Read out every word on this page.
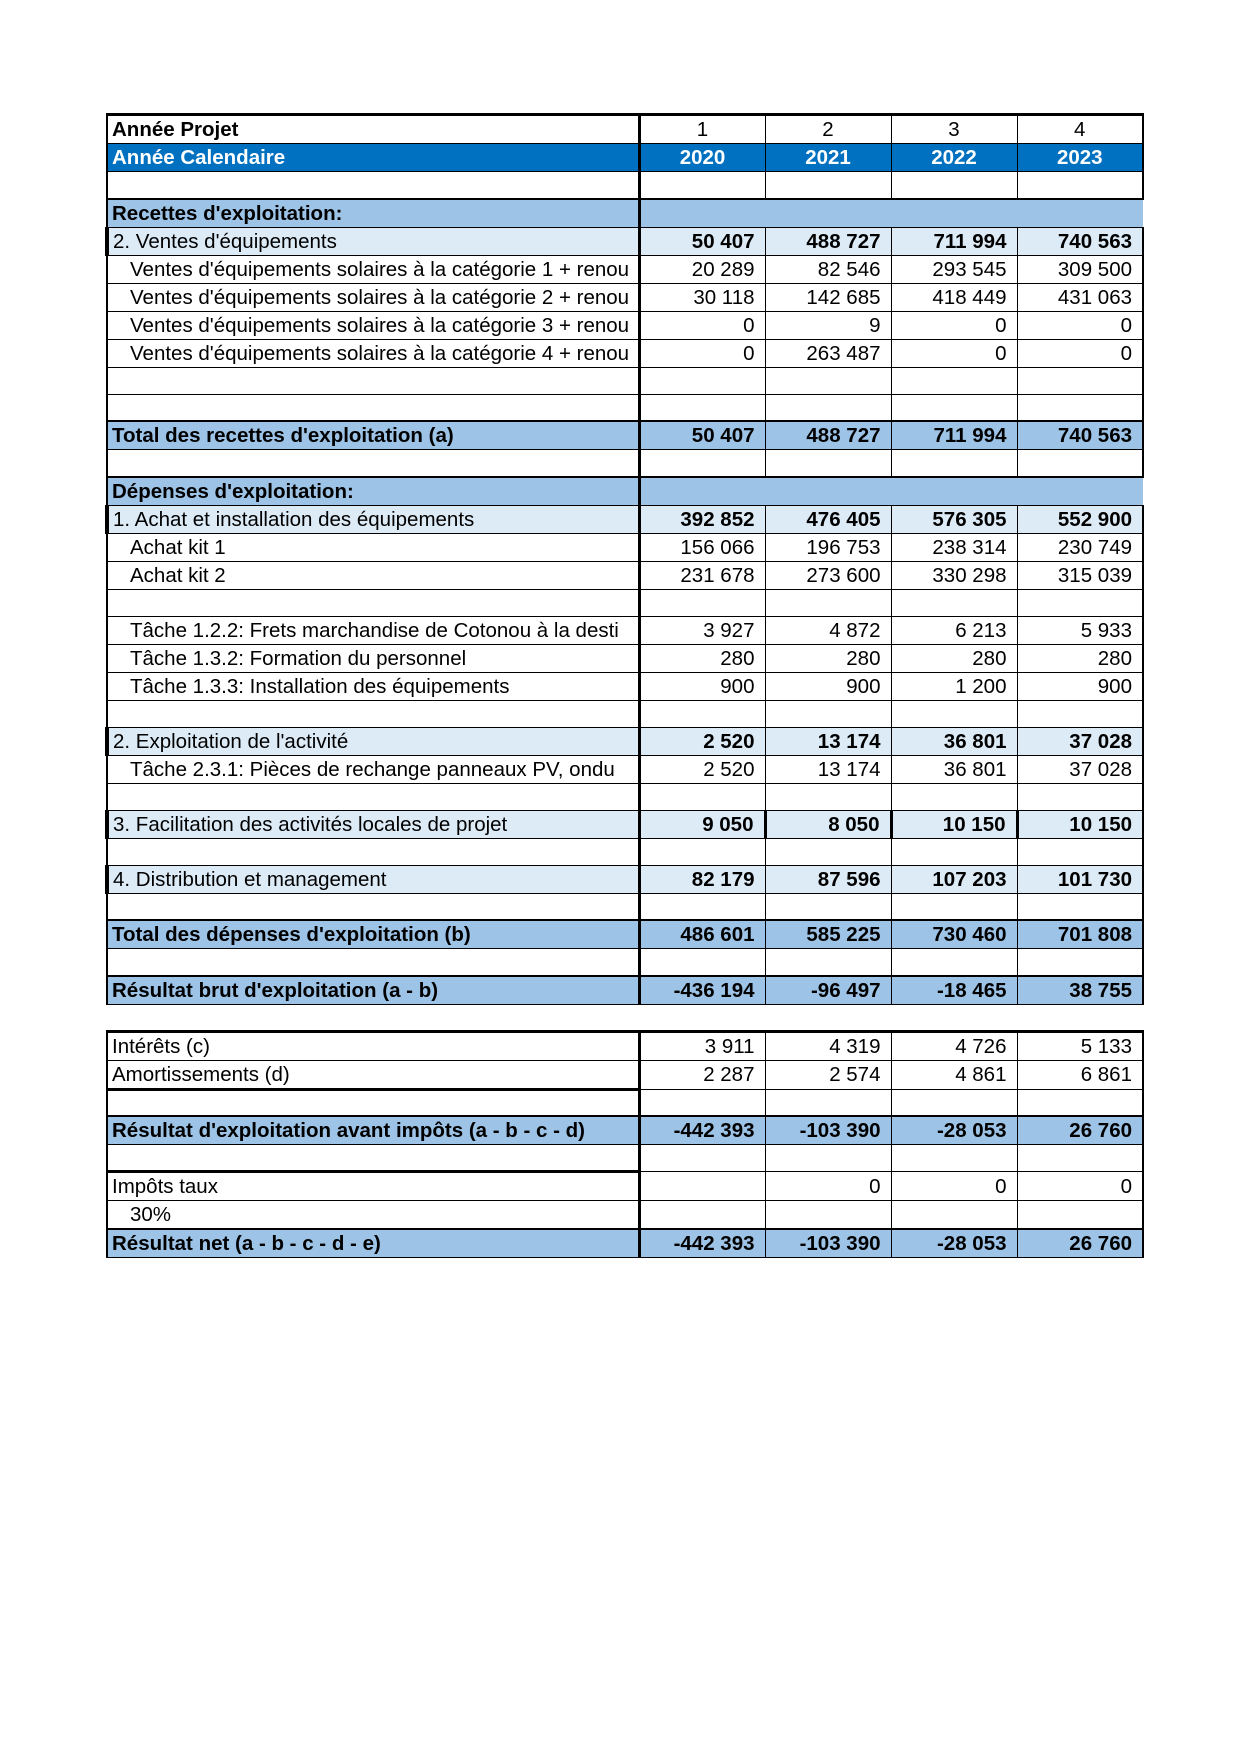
Année Projet	1	2	3	4
Année Calendaire	2020	2021	2022	2023

Recettes d'exploitation:				
2. Ventes d'équipements	50 407	488 727	711 994	740 563
Ventes d'équipements solaires à la catégorie 1 + renou	20 289	82 546	293 545	309 500
Ventes d'équipements solaires à la catégorie 2 + renou	30 118	142 685	418 449	431 063
Ventes d'équipements solaires à la catégorie 3 + renou	0	9	0	0
Ventes d'équipements solaires à la catégorie 4 + renou	0	263 487	0	0

Total des recettes d'exploitation (a)	50 407	488 727	711 994	740 563

Dépenses d'exploitation:				
1. Achat et installation des équipements	392 852	476 405	576 305	552 900
Achat kit 1	156 066	196 753	238 314	230 749
Achat kit 2	231 678	273 600	330 298	315 039

Tâche 1.2.2: Frets marchandise de Cotonou à la desti	3 927	4 872	6 213	5 933
Tâche 1.3.2: Formation du personnel	280	280	280	280
Tâche 1.3.3: Installation des équipements	900	900	1 200	900

2. Exploitation de l'activité	2 520	13 174	36 801	37 028
Tâche 2.3.1: Pièces de rechange panneaux PV, ondu	2 520	13 174	36 801	37 028

3. Facilitation des activités locales de projet	9 050	8 050	10 150	10 150

4. Distribution et management	82 179	87 596	107 203	101 730

Total des dépenses d'exploitation (b)	486 601	585 225	730 460	701 808

Résultat brut d'exploitation (a - b)	-436 194	-96 497	-18 465	38 755

Intérêts (c)	3 911	4 319	4 726	5 133
Amortissements (d)	2 287	2 574	4 861	6 861

Résultat d'exploitation avant impôts (a - b - c - d)	-442 393	-103 390	-28 053	26 760

Impôts taux		0	0	0
30%				
Résultat net (a - b - c - d - e)	-442 393	-103 390	-28 053	26 760
